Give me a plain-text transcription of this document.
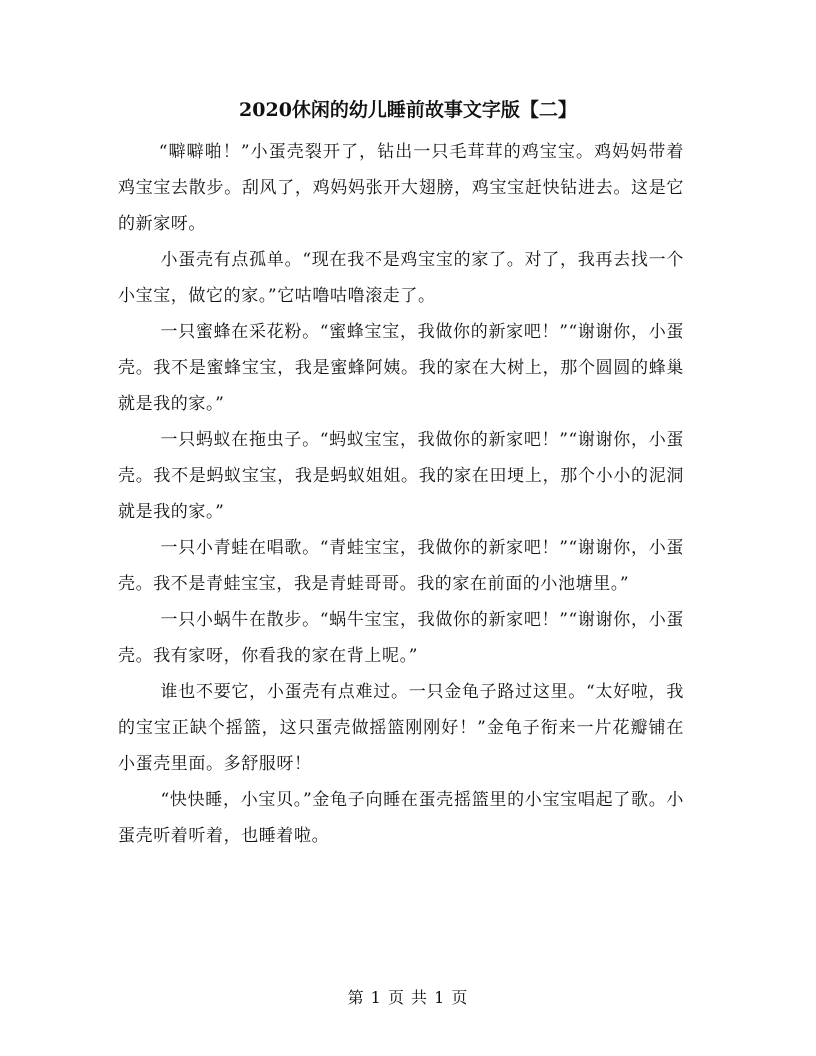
2020休闲的幼儿睡前故事文字版【二】

“噼噼啪！”小蛋壳裂开了，钻出一只毛茸茸的鸡宝宝。鸡妈妈带着鸡宝宝去散步。刮风了，鸡妈妈张开大翅膀，鸡宝宝赶快钻进去。这是它的新家呀。

小蛋壳有点孤单。“现在我不是鸡宝宝的家了。对了，我再去找一个小宝宝，做它的家。”它咕噜咕噜滚走了。

一只蜜蜂在采花粉。“蜜蜂宝宝，我做你的新家吧！”“谢谢你，小蛋壳。我不是蜜蜂宝宝，我是蜜蜂阿姨。我的家在大树上，那个圆圆的蜂巢就是我的家。”

一只蚂蚁在拖虫子。“蚂蚁宝宝，我做你的新家吧！”“谢谢你，小蛋壳。我不是蚂蚁宝宝，我是蚂蚁姐姐。我的家在田埂上，那个小小的泥洞就是我的家。”

一只小青蛙在唱歌。“青蛙宝宝，我做你的新家吧！”“谢谢你，小蛋壳。我不是青蛙宝宝，我是青蛙哥哥。我的家在前面的小池塘里。”

一只小蜗牛在散步。“蜗牛宝宝，我做你的新家吧！”“谢谢你，小蛋壳。我有家呀，你看我的家在背上呢。”

谁也不要它，小蛋壳有点难过。一只金龟子路过这里。“太好啦，我的宝宝正缺个摇篮，这只蛋壳做摇篮刚刚好！”金龟子衔来一片花瓣铺在小蛋壳里面。多舒服呀！

“快快睡，小宝贝。”金龟子向睡在蛋壳摇篮里的小宝宝唱起了歌。小蛋壳听着听着，也睡着啦。

第 1 页 共 1 页
